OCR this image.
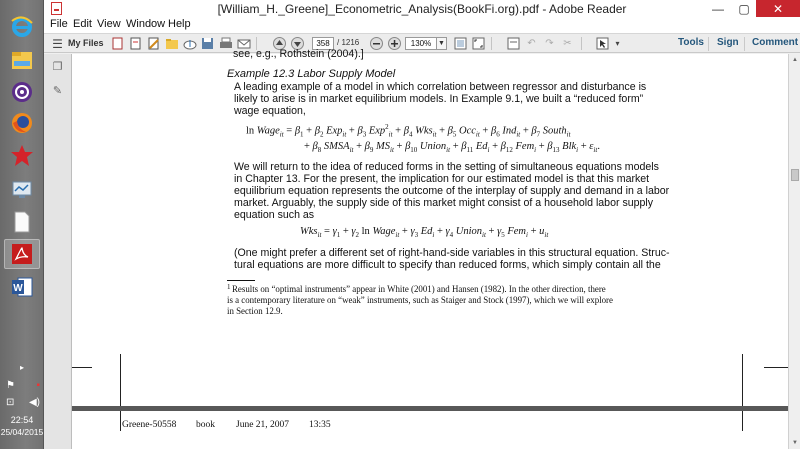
W
▸
⚑ ▪
⊡ ◀)
22:54
25/04/2015
[William_H._Greene]_Econometric_Analysis(BookFi.org).pdf - Adobe Reader	—	▢	✕
File Edit View Window Help
☰ My Files	358 / 1216	130% ▼	↶ ↷ ✂	▾	Tools Sign Comment
❐
✎
see, e.g., Rothstein (2004).]
Example 12.3 Labor Supply Model
A leading example of a model in which correlation between regressor and disturbance is
likely to arise is in market equilibrium models. In Example 9.1, we built a “reduced form”
wage equation,
ln Wage$_{it}$ = $\beta_1 + \beta_2$ $Exp_{it} + \beta_3$ $Exp^2_{it} + \beta_4$ $Wks_{it} + \beta_5$ $Occ_{it} + \beta_6$ $Ind_{it} + \beta_7$ South$_{it}$
+ $\beta_8$ $SMSA_{it} + \beta_9$ $MS_{it} + \beta_{10}$ Union$_{it}$ + $\beta_{11}$ $Ed_i + \beta_{12}$ $Fem_i + \beta_{13}$ $Blk_i + \varepsilon_{it}$.
We will return to the idea of reduced forms in the setting of simultaneous equations models
in Chapter 13. For the present, the implication for our estimated model is that this market
equilibrium equation represents the outcome of the interplay of supply and demand in a labor
market. Arguably, the supply side of this market might consist of a household labor supply
equation such as
$Wks_{it} = \gamma_1 + \gamma_2$ ln Wage$_{it}$ + $\gamma_3$ $Ed_i + \gamma_4$ Union$_{it}$ + $\gamma_5$ $Fem_i + u_{it}$
(One might prefer a different set of right-hand-side variables in this structural equation. Struc-
tural equations are more difficult to specify than reduced forms, which simply contain all the
1 Results on “optimal instruments” appear in White (2001) and Hansen (1982). In the other direction, there
is a contemporary literature on “weak” instruments, such as Staiger and Stock (1997), which we will explore
in Section 12.9.
Greene-50558 book June 21, 2007 13:35
▲
▼
